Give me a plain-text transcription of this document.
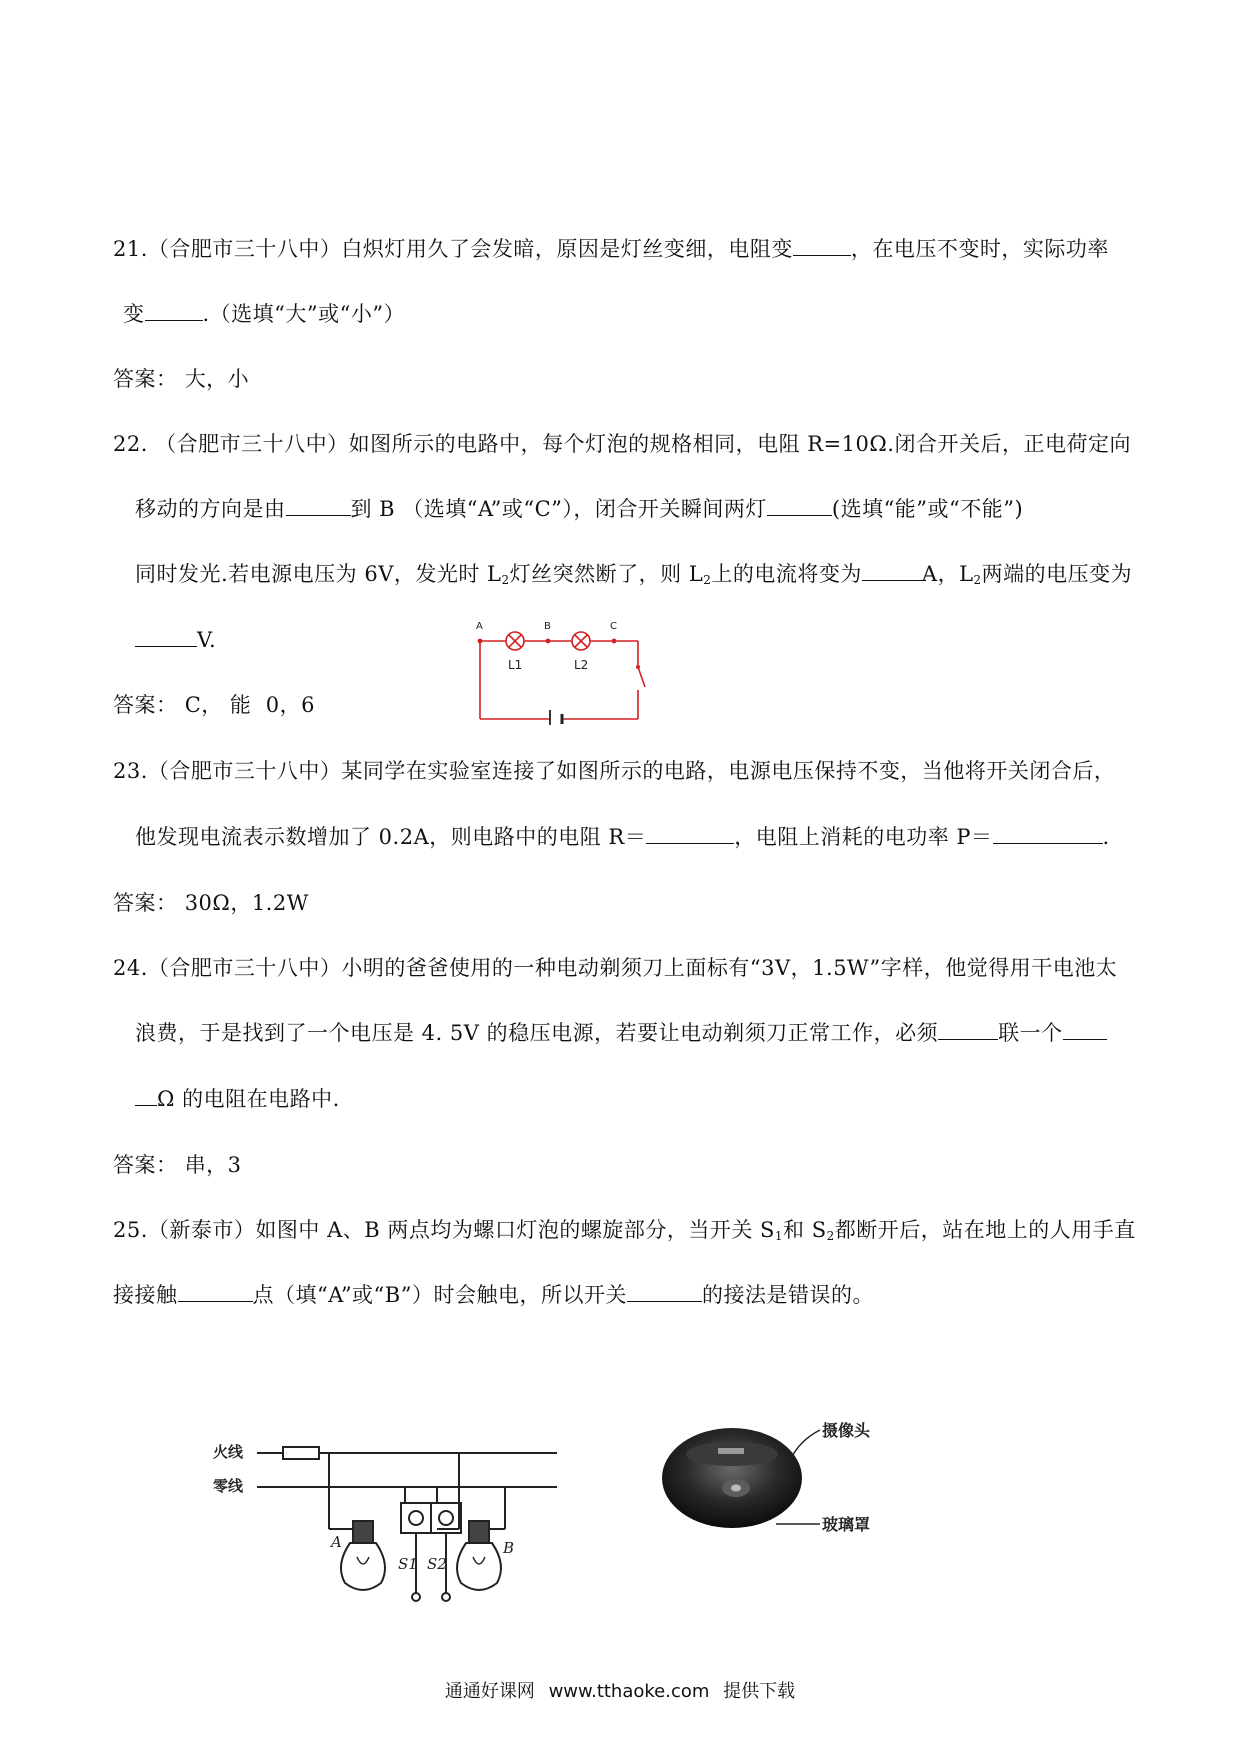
21.（合肥市三十八中）白炽灯用久了会发暗，原因是灯丝变细，电阻变	，在电压不变时，实际功率
变	.（选填“大”或“小”）
答案： 大，小
22. （合肥市三十八中）如图所示的电路中，每个灯泡的规格相同，电阻 R=10Ω.闭合开关后，正电荷定向
移动的方向是由	到 B （选填“A”或“C”），闭合开关瞬间两灯	(选填“能”或“不能”)
同时发光.若电源电压为 6V，发光时 $L_2$灯丝突然断了，则 $L_2$上的电流将变为	A，$L_2$两端的电压变为
V.
答案： C， 能  0，6
A	B	C
L1	L2
23.（合肥市三十八中）某同学在实验室连接了如图所示的电路，电源电压保持不变，当他将开关闭合后，
他发现电流表示数增加了 0.2A，则电路中的电阻 R＝	，电阻上消耗的电功率 P＝	.
答案： 30Ω，1.2W
24.（合肥市三十八中）小明的爸爸使用的一种电动剃须刀上面标有“3V，1.5W”字样，他觉得用干电池太
浪费，于是找到了一个电压是 4. 5V 的稳压电源，若要让电动剃须刀正常工作，必须	联一个
Ω 的电阻在电路中.
答案： 串，3
25.（新泰市）如图中 A、B 两点均为螺口灯泡的螺旋部分，当开关 $S_1$和 $S_2$都断开后，站在地上的人用手直
接接触	点（填“A”或“B”）时会触电，所以开关	的接法是错误的。
火线
零线
A	B
S1 S2
摄像头
玻璃罩
通通好课网 www.tthaoke.com 提供下载
